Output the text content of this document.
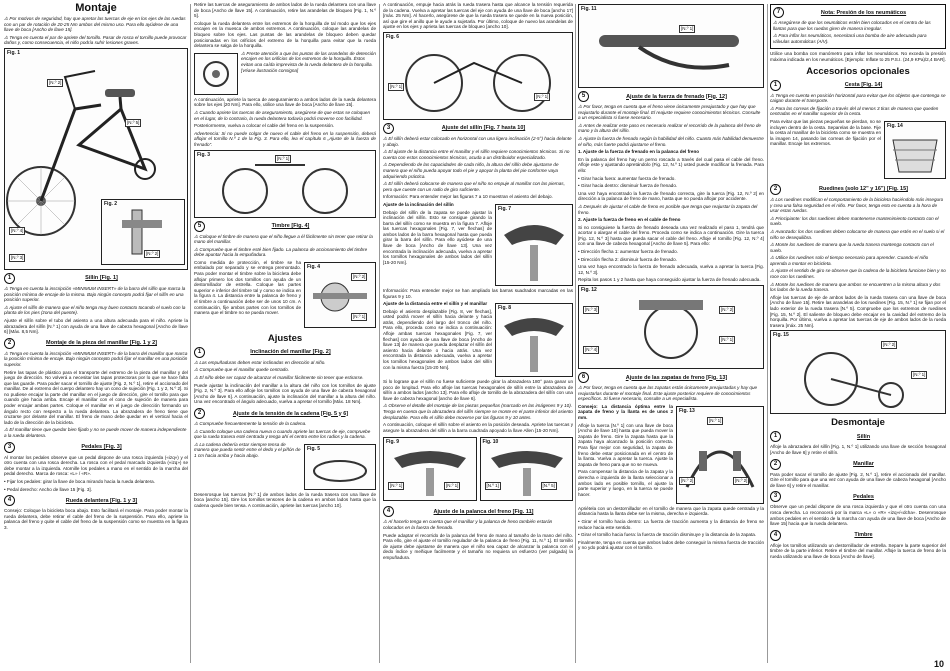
Montaje

⚠ Por motivos de seguridad, hay que apretar las tuercas de eje en los ejes de las ruedas con un par de rotación de 20-25 Nm ambos del mismo uso. Para ello ayúdese de una llave de boca [Ancho de llave 15].

⚠ Tenga en cuenta el par de apriete del tornillo. Pasar de rosca el tornillo puede provocar daños y, como consecuencia, el niño podría sufrir lesiones graves.

Fig. 1
[N.º 2]
[N.º 5]
[N.º 4]
[N.º 3]
Fig. 2
[N.º 2]
1	Sillín [Fig. 1]

⚠ Tenga en cuenta la inscripción «MINIMUM INSERT» de la barra del sillín que marca la posición mínima de encaje de la misma. Bajo ningún concepto podrá fijar el sillín en una posición superior.

⚠ Ajuste el sillín de manera que el niño tenga muy buen contacto tocando el suelo con la planta de los pies (zona del puente).

Ajuste el sillín sobre el tubo del asiento a una altura adecuada para el niño. Apriete la abrazadera del sillín [N.º 1] con ayuda de una llave de cabeza hexagonal [Ancho de llave 6] [Máx. 8,5 Nm].

2	Montaje de la pieza del manillar [Fig. 1 y 2]

⚠ Tenga en cuenta la inscripción «MINIMUM INSERT» de la barra del manillar que marca la posición mínima de encaje. Bajo ningún concepto podrá fijar el manillar en una posición superior.

Retire las tapas de plástico para el transporte del extremo de la pieza del manillar y del juego de dirección. No volverá a necesitar las tapas protectoras por lo que se hace falta que las guarde. Para poder sacar el tornillo de ajuste [Fig. 2, N.º 1], retire el accionado del manillar. De al extremo del cuerpo delantero hay un cono de sujeción [Fig. 1 y 2, N.º 2]. Si no pudiese encajar la parte del manillar en el juego de dirección, gire el tornillo para que cuando gire hacia arriba. Encaje el manillar con el cono de sujeción de manera para poder encajar ambas partes. Coloque el manillar en el juego de dirección formando un ángulo recto con respecto a la rueda delantera. La abrazadera de freno tiene que cruzarse por delante del manillar. El freno de mano debe quedar en el vertical hacia el lado de la dirección de la bicicleta.

⚠ El manillar tiene que quedar bien fijado y no se puede mover de manera independiente a la rueda delantera.

3	Pedales [Fig. 3]

Al montar los pedales observe que un pedal dispone de una rosca izquierda («izq») y el otro cuenta con una rosca derecha. La rosca con el pedal marcado izquierda («izq») se debe montar a la izquierda. Atornille los pedales a mano en el sentido de la marcha del pedal derecho. Marca de rosca: «L» / «R».

• Fijar los pedales: girar la llave de boca mirando hacia la rueda delantera.

• Pedal derecho: Ancho de llave 15 [Fig. 3].

4	Rueda delantera [Fig. 1 y 3]

Consejo: Coloque la bicicleta boca abajo. Esto facilitará el montaje. Para poder montar la rueda delantera, debe retirar el cable del freno de la suspensión. Para ello, apriete la palanca del freno y quite el cable del freno de la suspensión como se muestra en la figura 3.

Retire las tuercas de aseguramiento de ambos lados de la rueda delantera con una llave de boca [Ancho de llave 15]. A continuación, retire las arandelas de bloqueo [Fig. 1, N.º 5].

Coloque la rueda delantera entre los extremos de la horquilla de tal modo que los ejes encajen en la muesca de ambos extremos. A continuación, coloque las arandelas de bloqueo sobre los ejes. Las puntas de las arandelas de bloqueo deben quedar posicionadas en los orificios del extremo de la horquilla para evitar que la rueda delantera se salga de la horquilla.

⚠ Preste atención a que las puntas de las arandelas de detención encajen en los orificios de los extremos de la horquilla. Éstos evitan una caída imprevista de la rueda delantera de la horquilla. [Véase ilustración consigna]

A continuación, apriete la tuerca de aseguramiento a ambos lados de la rueda delantera sobre los ejes [20 Nm]. Para ello, utilice una llave de boca [Ancho de llave 15].

⚠ Cuando apriete las tuercas de aseguramiento, asegúrese de que estas se coloquen en el lugar, de lo contrario, la rueda delantera todavía podrá moverse con facilidad.

Posteriormente, vuelva a colocar el cable del freno en la suspensión.

Advertencia: Si no puede colgar de nuevo el cable del freno en la suspensión, deberá aflojar el tornillo N.º 1 de la Fig. 3. Para ello, lea el capítulo 6 „Ajuste de la fuerza de frenado“.

Fig. 3
[N.º 1]
5	Timbre [Fig. 4]

⚠ Coloque el timbre de manera que el niño llegue a él fácilmente sin tener que retirar la mano del manillar.

⚠ Compruebe que el timbre esté bien fijado. La palanca de accionamiento del timbre debe apuntar hacia la empuñadura.

Como medida de protección, el timbre se ha embalado por separado y se entrega premontado. Para poder montar el timbre sobre la bicicleta debe aflojar primero los dos tornillos con ayuda de un destornillador de estrella. Coloque las partes superior e inferior del timbre tal y como se indica en la figura 4. La distancia entre la palanca de freno y el timbre a continuación debe ser de unos 10 cm. A continuación, fije ambos partes con los tornillos de manera que el timbre no se pueda mover.

Fig. 4
[N.º 2]
[N.º 1]
Ajustes
1	Inclinación del manillar [Fig. 2]

⚠ Las empuñaduras deben estar inclinadas en dirección al niño.

⚠ Compruebe que el manillar quede centrado.

⚠ El niño debe ser capaz de alcanzar el manillar fácilmente sin tener que estirarse.

Puede ajustar la inclinación del manillar a la altura del niño con los tornillos de ajuste [Fig. 2, N.º 3]. Para ello afloje los tornillos con ayuda de una llave de cabeza hexagonal [Ancho de llave 6]. A continuación, ajuste la inclinación del manillar a la altura del niño. Una vez encontrado el ángulo adecuado, vuelva a apretar el tornillo [Máx. 18 Nm].

2	Ajuste de la tensión de la cadena [Fig. 5 y 6]

⚠ Compruebe frecuentemente la tensión de la cadena.

⚠ Cuando coloque una cadena nueva o cuando apriete las tuercas de eje, compruebe que la rueda trasera esté centrada y tenga ahí el centro entre los radios y la cadena.

⚠ La cadena debería estar siempre tensa de manera que pueda sentir entre el dedo y el piñón de 1 cm hacia arriba y hacia abajo.

Fig. 5

Desenrosque las tuercas [N.º 1] de ambos lados de la rueda trasera con una llave de boca [ancho 15]. Gire los tornillos tensores de la cadena en ambos lados hasta que la cadena quede bien tensa. A continuación, apriete las tuercas [ancho 10].

A continuación, empuje hacia atrás la rueda trasera hasta que alcance la tensión requerida de la cadena. Vuelva a apretar las tuercas del eje con ayuda de una llave de boca [ancho 17] [máx. 25 Nm]. Al hacerlo, asegúrese de que la rueda trasera se quede en la nueva posición, así que gire el anillo que le ayude a sujetarla. Por último, coloque de nuevo las arandelas de ajuste en los ejes y aprieta las tuercas de bloqueo [ancho 10].

Fig. 6
[N.º 1]
[N.º 1]
3	Ajuste del sillín [Fig. 7 hasta 10]

⚠ El sillín deberá estar colocado en horizontal con una ligera inclinación (2-5°) hacia delante y abajo.

⚠ El ajuste de la distancia entre el manillar y el sillín requiere conocimientos técnicos. Si no cuenta con estos conocimientos técnicos, acuda a un distribuidor especializado.

⚠ Dependiendo de las capacidades de cada niño, la altura del sillín debe ajustarse de manera que el niño pueda apoyar todo el pie y apoyar la planta del pie conforme vaya adquiriendo práctica.

⚠ El sillín deberá colocarse de manera que el niño no empuje al manillar con las piernas, pero que cuente con un radio de giro suficiente.

Información: Para entender mejor las figuras 7 a 10 muestran el asiento del debajo.

Ajuste de la inclinación del sillín

Debajo del sillín de la zapata se puede ajustar la inclinación del sillín. Esto se consigue girando la barra del sillín como se muestra en la figura 7. Afloje las tuercas hexagonales [Fig. 7, ver flechas] de ambos lados de la barra hexagonal hasta que pueda girar la barra del sillín. Para ello ayúdese de una llave de boca [Ancho de llave 13]. Una vez encontrada la inclinación adecuada, vuelva a apretar los tornillos hexagonales de ambos lados del sillín [15-20 Nm].

Fig. 7

Información: Para entender mejor se han ampliado las barras suadrados marcadas en las figuras 9 y 10.

Ajuste de la distancia entre el sillín y el manillar

Debajo el asiento desplazable [Fig. 8, ver flechas], usted podrá mover el sillín hacia delante y hacia atrás, dependiendo del largo del tronco del niño. Para ello, proceda como se indica a continuación: Afloje ambas tuercas hexagonales [Fig. 7, ver flechas] con ayuda de una llave de boca [Ancho de llave 13] de manera que pueda desplazar el sillín del asiento hacia delante o hacia atrás. Una vez encontrada la distancia adecuada, vuelva a apretar los tornillos hexagonales de ambos lados del sillín con la misma fuerza [15-20 Nm].

Fig. 8

Si lo lograse que el sillín no fuese suficiente puede girar la abrazadera 180° para ganar un poco de longitud. Para ello afloje las tuercas hexagonales de sillín entre la abrazadera de sillín a ambos lados [ancho 13]. Para ello afloje de tornillo de la abrazadera del sillín con una llave de cabeza hexagonal [ancho de llave 6].

⚠ Observe el detalle del montaje de las piezas pequeñas (marcado en las imágenes 9 y 10). Tenga en cuenta que la abrazadera del sillín siempre se monte en el parte inferior del asiento desplazable. Para ello el sillín debe moverse por las figuras 9 y 10 antes.

A continuación, coloque el sillín sobre el asiento en la posición deseada. Apriete las tuercas y asegure la abrazadera del sillín a la barra cuadrada apoyado la llave Allen [15-20 Nm].

Fig. 9
[N.º 1]	[N.º 1]
Fig. 10
[N.º 1]	[N.º 5]
4	Ajuste de la palanca del freno [Fig. 11]

⚠ Al hacerlo tenga en cuenta que el manillar y la palanca de freno también estarán colocados en la fuerza de frenado.

Puede adaptar el recorrido de la palanca del freno de mano al tamaño de la mano del niño. Para ello, gire el ajuste el tornillo regulador de la palanca de freno [Fig. 11, N.º 1]. El tornillo de ajuste debe ajustarse de manera que el niño sea capaz de alcanzar la palanca con el dedo índice y meñique facilmente y el tamaño no requiera un esfuerzo (ver pulgada) la empuñadura.

Fig. 11
[N.º 1]
5	Ajuste de la fuerza de frenado [Fig. 12]

⚠ Por favor, tenga en cuenta que el freno viene únicamente preajustado y que hay que reajustarlo durante el montaje final. El reajuste requiere conocimientos técnicos. Consulte a un especialista si fuese necesario.

⚠ Antes de realizar este paso es necesario realizar el recorrido de la palanca del freno de mano y la altura del sillín.

⚠ Ajuste la fuerza de frenado según la habilidad del niño. Cuanto más habilidad demuestre el niño, más fuerte podrá ajustarse el freno.

1. Ajuste de la fuerza de frenado en la palanca del freno

En la palanca del freno hay un perno roscado a través del cual pasa el cable del freno. Afloje este y ajustando apretándolo (Fig. 12, N.º 1) usted puede modificar la frenada. Para ello:

• Girar hacia fuera: aumentar fuerza de frenado.

• Girar hacia dentro: disminuir fuerza de frenado.

Una vez haya encontrado la fuerza de frenado correcta, gire la tuerca [Fig. 12, N.º 2] en dirección a la palanca de freno de mano, hasta que no pueda aflojar por accidente.

⚠ Después de ajustar el cable de freno es posible que tenga que reajustar la zapata del freno.

2. Ajuste la fuerza de freno en el cable de freno

Si no consiguiese la fuerza de frenado deseada una vez realizado el paso 1, tendrá que acortar o alargar el cable del freno. Proceda como se indica a continuación. Gire la tuerca [Fig. 12, N.º 3] hasta que pueda sacar el cable del freno. Afloje el tornillo [Fig. 12, N.º 4] con una llave de cabeza hexagonal [Ancho de llave 5]. Para ello:

• Dirección flecha 1: aumentar fuerza de frenado.

• Dirección flecha 2: disminuir fuerza de frenado.

Una vez haya encontrado la fuerza de frenado adecuada, vuelva a apretar la tuerca [Fig. 12, N.º 3].

Repita los pasos 1 y 2 hasta que haya conseguido ajustar la fuerza de frenado adecuada.

Fig. 12
[N.º 3]	[N.º 2]
[N.º 1]
[N.º 4]
6	Ajuste de las zapatas de freno [Fig. 13]

⚠ Por favor, tenga en cuenta que las zapatas están únicamente preajustadas y hay que reajustarlas durante el montaje final. Este ajuste posterior requiere de conocimientos específicos. Si fuese necesario, consulte a un especialista.

Consejo: La distancia óptima entre la zapata de freno y la llanta es de unos 2 mm.

Afloje la tuerca [N.º 1] con una llave de boca [Ancho de llave 10] hasta que pueda mover la zapata de freno. Gire la zapata hasta que la zapata haya alcanzado la posición correcta. Para fijar mejor con seguridad, la zapata de freno debe estar posicionada en el centro de la llanta. Vuelva a apretar la tuerca. Ajuste la zapata de freno para que no se mueva.

Para compensar la distancia de la zapata y la derecha e izquierda de la llanta seleccionar a ambos lado es posible tornillo, el ajuste la parte superior y luego, en la tuerca se puede hacer.

Fig. 13
[N.º 1]
[N.º 2]	[N.º 2]

Apriétela con un destornillador en el tornillo de manera que la zapata quede centrada y la distancia hasta la llanta debe ser la misma, derecha e izquierda.

• Girar el tornillo hacia dentro: La fuerza de tracción aumenta y la distancia de freno se reduce hacia este sentido.

• Girar el tornillo hacia fuera: la fuerza de tracción disminuye y la distancia de la zapata.

Finalmente, tenga en cuenta que ambos lados debe conseguir la misma fuerza de tracción y no ydo podrá ajustar con el tornillo.

7	Nota: Presión de los neumáticos

⚠ Asegúrese de que los neumáticos estén bien colocados en el centro de las llantas para que los ruedas giren de manera irregular.

⚠ Para inflar los neumáticos, necesitará una bomba de aire adecuada para válvulas automáticas (A/V).

Utilice una bomba con manómetro para inflar los neumáticos. No exceda la presión máxima indicada en los neumáticos. [Ejemplo: Inflate to 25 P.S.I. (24,9 KPa)/2,4 BAR].

Accesorios opcionales
1	Cesta [Fig. 14]

⚠ Tenga en cuenta en posición horizontal para evitar que los objetos que contenga se caigan durante el transporte.

⚠ Para las correas de fijación a través del al menos 3 tiras de manera que queden centradas en el manillar superior de la cesta.

Para evitar que las piezas pequeñas se pierdan, no se incluyen dentro de la cesta. Separelas de la base. Fije la cesta al manillar de la bicicleta como se muestra en la imagen 14, pasando las correas de fijación por el manillar. Encaje los extremos.

Fig. 14
2	Ruedines (solo 12" y 16") [Fig. 15]

⚠ Los ruedines modifican el comportamiento de la bicicleta haciéndolo más inseguro y crea una falsa seguridad en el niño. Por favor, tenga esto en cuenta a la hora de usar estas ruedas.

⚠ Principiante: los dos ruedines deben mantenerse mantenimiento contacto con el suelo.

⚠ Avanzado: los dos ruedines deben colocarse de manera que estén en el suelo si el niño se desequilibra.

⚠ Monte los ruedines de manera que la rueda trasera mantenga contacto con el suelo.

⚠ Utilice los ruedines solo el tiempo necesario para aprender. Cuando el niño aprenda a montar en bicicleta.

⚠ Ajuste el sentido de giro se observe que la cadena de la bicicleta funcione bien y no roce con los ruedines.

⚠ Monte los ruedines de manera que ambos se encuentren a la misma altura y dos los lados de la rueda trasera.

Afloje las tuercas de eje de ambos lados de la rueda trasera con una llave de boca [Ancho de llave 15]. Retire las arandelas de los ruedines [Fig. 15, N.º 1] se fijan por el lado exterior de la rueda trasera [N.º 5]. Compruebe que los extremos de ruedines [Fig. 15, N.º 2]. El saliente de bloqueo debe encajar en la cavidad del extremo de la horquilla. Por último, vuelva a apretar las tuercas de eje de ambos lados de la rueda trasera [máx. 25 Nm].

Fig. 15
[N.º 2]
[N.º 1]
Desmontaje
1	Sillín

Afloje la abrazadera del sillín [Fig. 1, N.º 1] utilizando una llave de sección hexagonal [Ancho de llave 6] y retire el sillín.

2	Manillar

Para poder sacar el tornillo de ajuste [Fig. 2, N.º 1], retire el accionado del manillar. Gire el tornillo para que una vez con ayuda de una llave de cabeza hexagonal [Ancho de llave 6] y retire el manillar.

3	Pedales

Observe que un pedal dispone de una rosca izquierda y que el otro cuenta con una rosca derecha. Lo reconocerá por la marca «L» o «R» «izq»/«dcha». Desenrosque ambos pedales en el sentido de la marcha con ayuda de una llave de boca [Ancho de llave 15] hacia que la rueda delantera.

4	Timbre

Afloje los tornillos utilizando un destornillador de estrella. Separe la parte superior del timbre de la parte inferior. Retire el timbre del manillar. Afloje la tuerca de freno de la rueda utilizando una llave de boca [Ancho de llave].

10
